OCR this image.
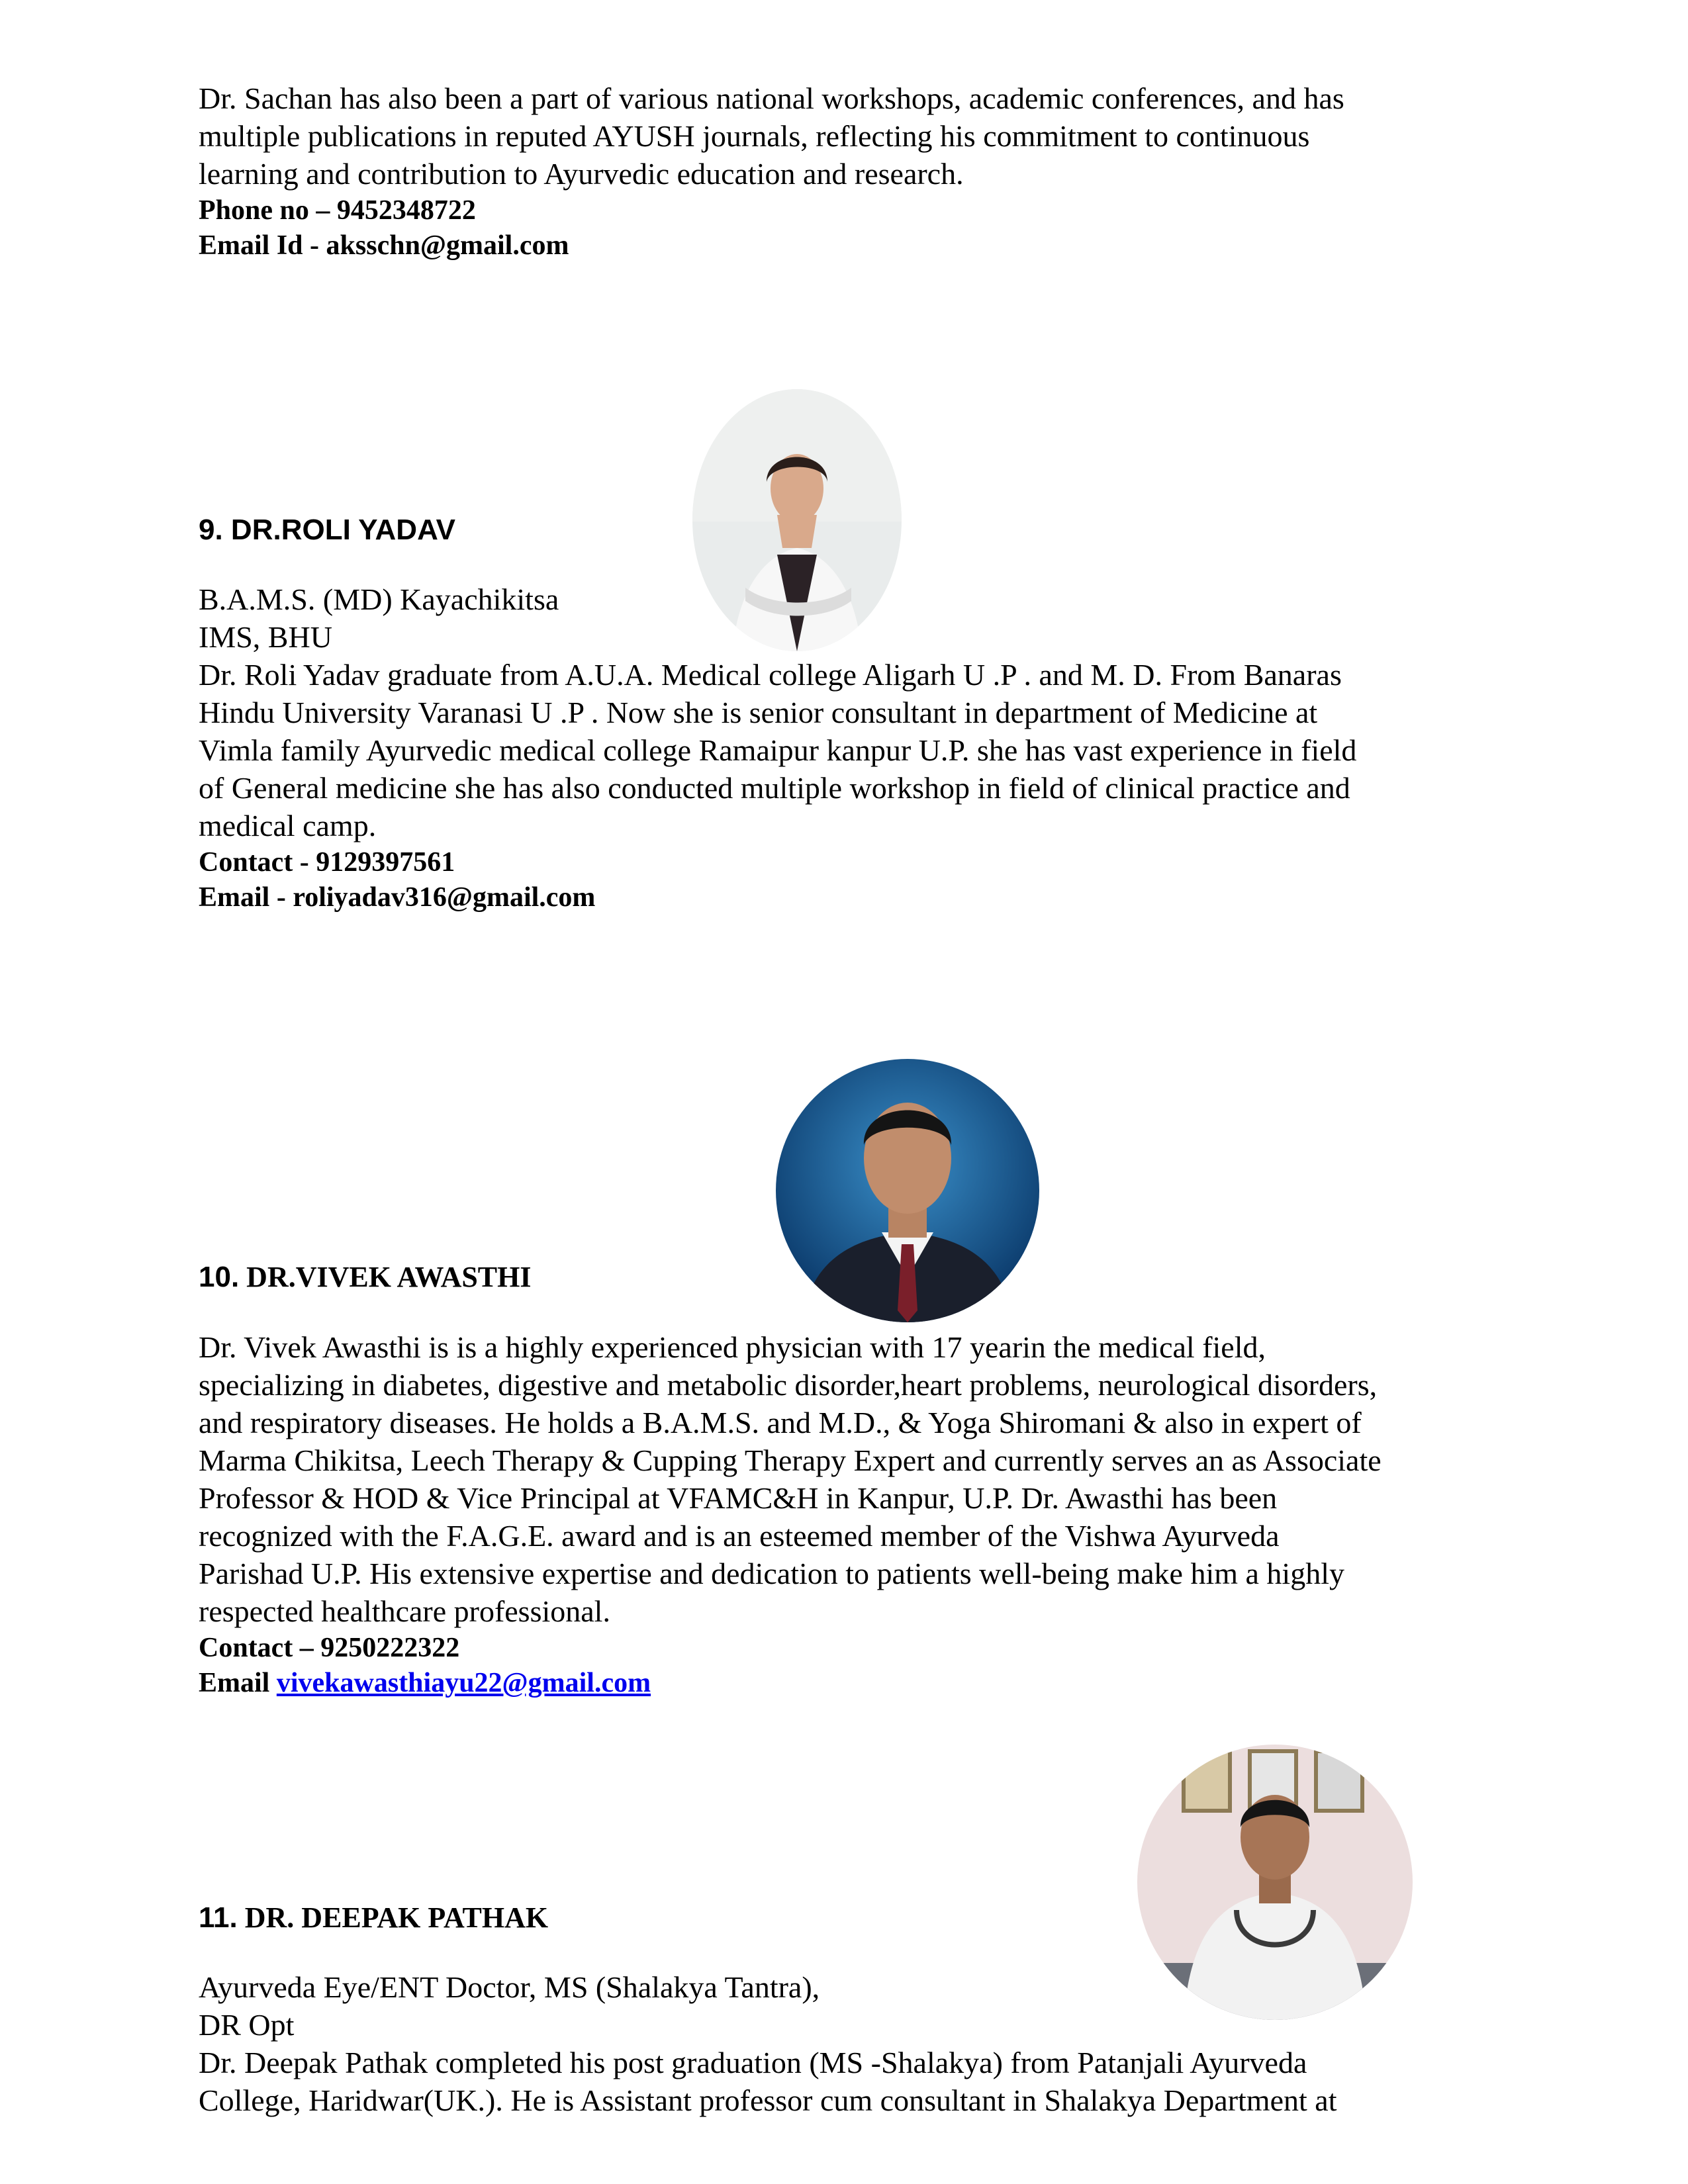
Dr. Sachan has also been a part of various national workshops, academic conferences, and has

multiple publications in reputed AYUSH journals, reflecting his commitment to continuous

learning and contribution to Ayurvedic education and research.

Phone no – 9452348722

Email Id - aksschn@gmail.com

9. DR.ROLI YADAV

B.A.M.S. (MD) Kayachikitsa

IMS, BHU

Dr. Roli Yadav graduate from A.U.A. Medical college Aligarh U .P . and M. D. From Banaras

Hindu University Varanasi U .P . Now she is senior consultant in department of Medicine at

Vimla family Ayurvedic medical college Ramaipur kanpur U.P. she has vast experience in field

of General medicine she has also conducted multiple workshop in field of clinical practice and

medical camp.

Contact - 9129397561

Email - roliyadav316@gmail.com

10. DR.VIVEK AWASTHI

Dr. Vivek Awasthi is is a highly experienced physician with 17 yearin the medical field,

specializing in diabetes, digestive and metabolic disorder,heart problems, neurological disorders,

and respiratory diseases. He holds a B.A.M.S. and M.D., & Yoga Shiromani & also in expert of

Marma Chikitsa, Leech Therapy & Cupping Therapy Expert and currently serves an as Associate

Professor & HOD & Vice Principal at VFAMC&H in Kanpur, U.P. Dr. Awasthi has been

recognized with the F.A.G.E. award and is an esteemed member of the Vishwa Ayurveda

Parishad U.P. His extensive expertise and dedication to patients well-being make him a highly

respected healthcare professional.

Contact – 9250222322

Email vivekawasthiayu22@gmail.com

11. DR. DEEPAK PATHAK

Ayurveda Eye/ENT Doctor, MS (Shalakya Tantra),

DR Opt

Dr. Deepak Pathak completed his post graduation (MS -Shalakya) from Patanjali Ayurveda

College, Haridwar(UK.). He is Assistant professor cum consultant in Shalakya Department at
